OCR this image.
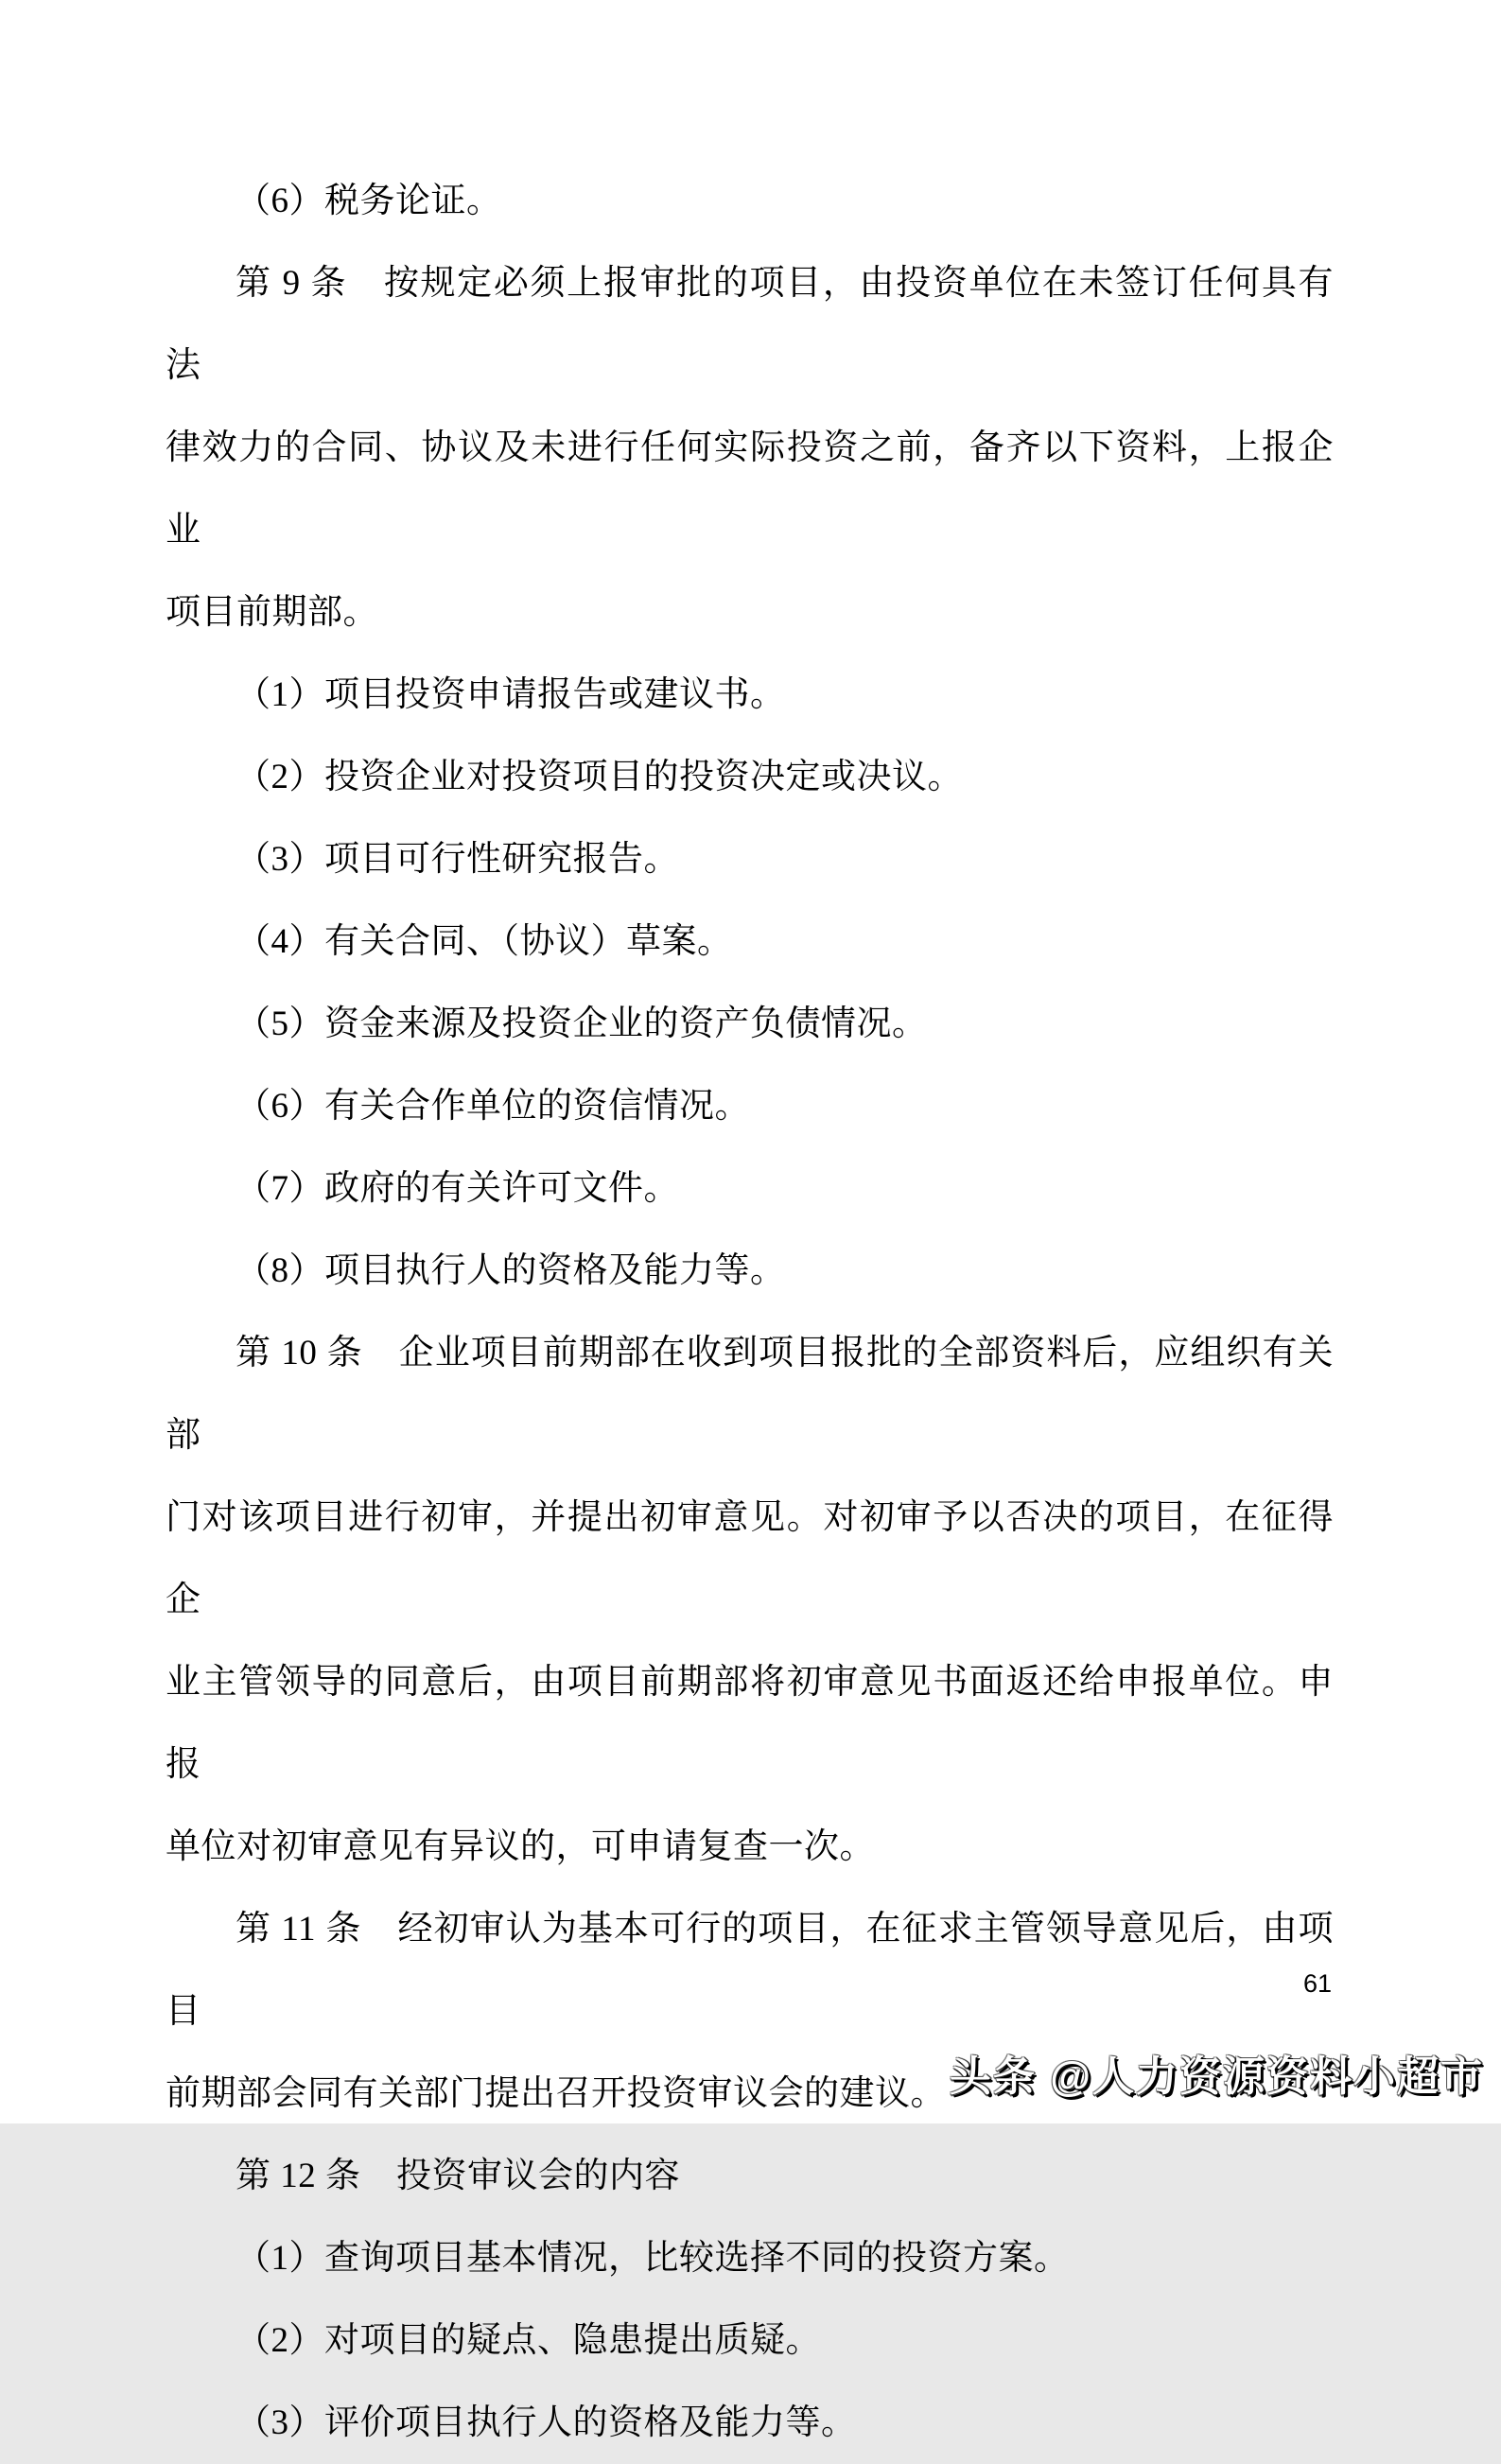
（6）税务论证。
第 9 条　按规定必须上报审批的项目，由投资单位在未签订任何具有法
律效力的合同、协议及未进行任何实际投资之前，备齐以下资料，上报企业
项目前期部。
（1）项目投资申请报告或建议书。
（2）投资企业对投资项目的投资决定或决议。
（3）项目可行性研究报告。
（4）有关合同、（协议）草案。
（5）资金来源及投资企业的资产负债情况。
（6）有关合作单位的资信情况。
（7）政府的有关许可文件。
（8）项目执行人的资格及能力等。
第 10 条　企业项目前期部在收到项目报批的全部资料后，应组织有关部
门对该项目进行初审，并提出初审意见。对初审予以否决的项目，在征得企
业主管领导的同意后，由项目前期部将初审意见书面返还给申报单位。申报
单位对初审意见有异议的，可申请复查一次。
第 11 条　经初审认为基本可行的项目，在征求主管领导意见后，由项目
前期部会同有关部门提出召开投资审议会的建议。
第 12 条　投资审议会的内容
（1）查询项目基本情况，比较选择不同的投资方案。
（2）对项目的疑点、隐患提出质疑。
（3）评价项目执行人的资格及能力等。
61
头条 @人力资源资料小超市
